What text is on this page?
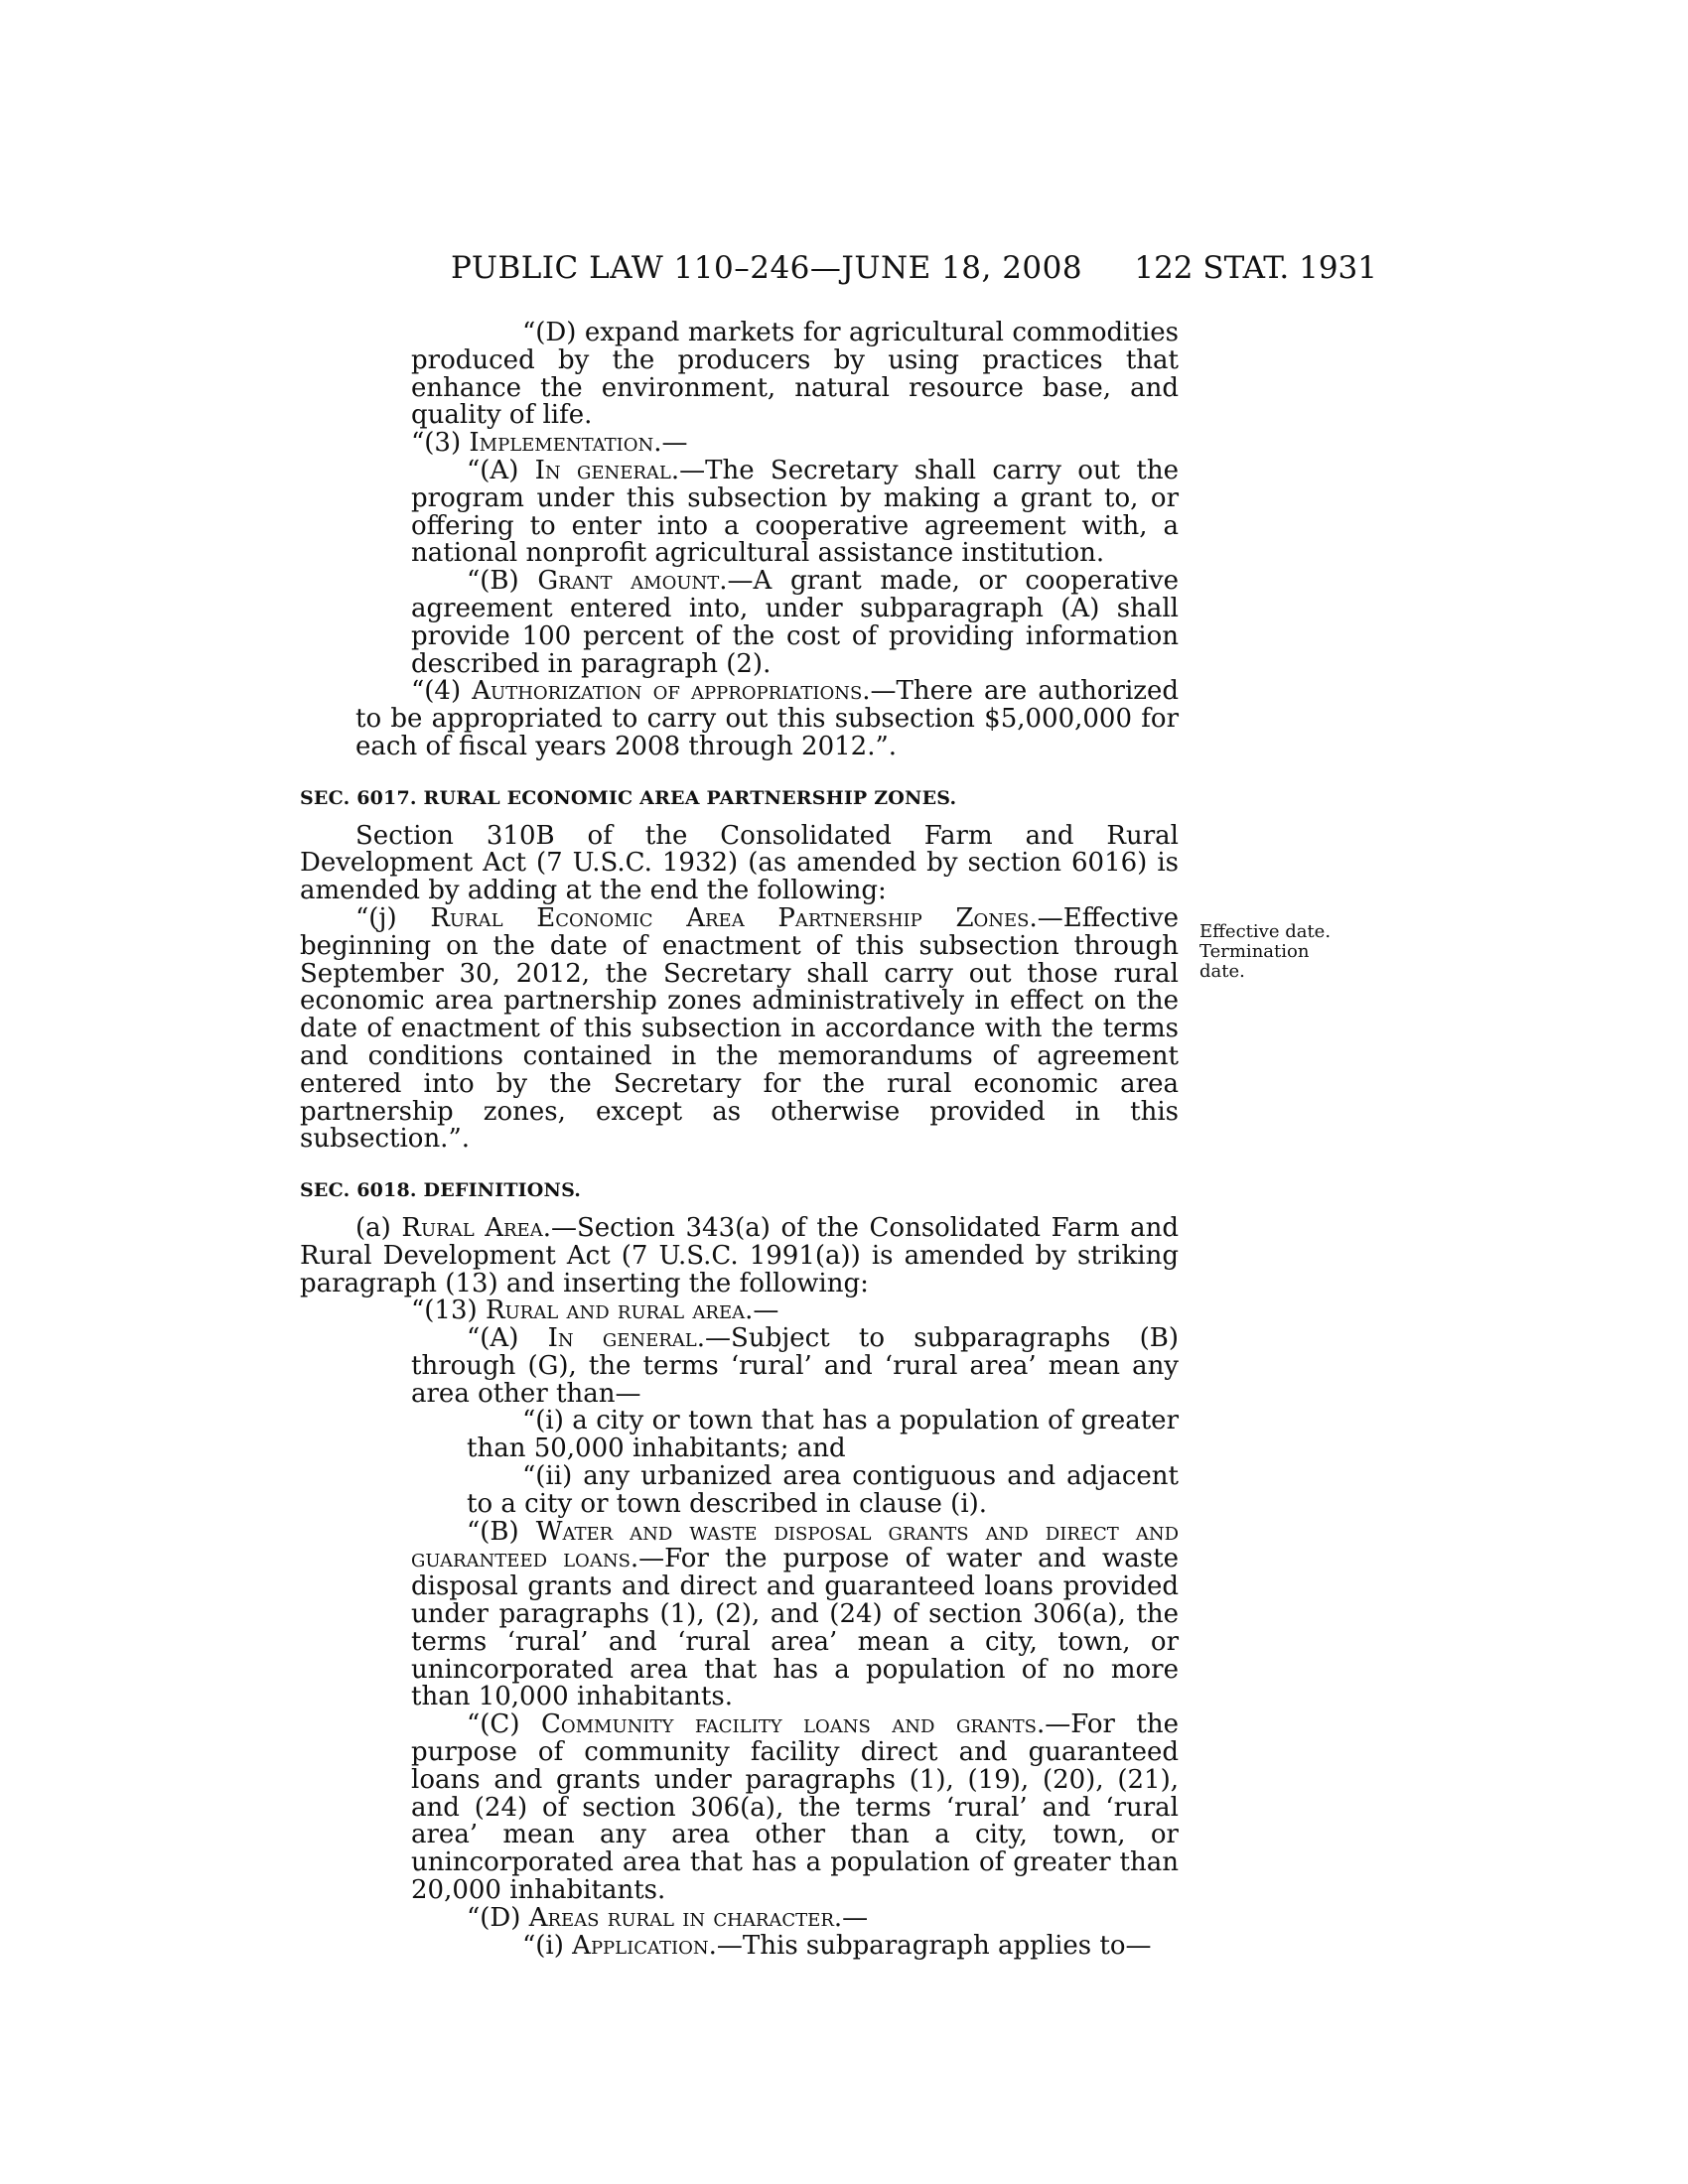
PUBLIC LAW 110–246—JUNE 18, 2008 122 STAT. 1931

“(D) expand markets for agricultural commodities produced by the producers by using practices that enhance the environment, natural resource base, and quality of life.

“(3) Implementation.—

“(A) In general.—The Secretary shall carry out the program under this subsection by making a grant to, or offering to enter into a cooperative agreement with, a national nonprofit agricultural assistance institution.

“(B) Grant amount.—A grant made, or cooperative agreement entered into, under subparagraph (A) shall provide 100 percent of the cost of providing information described in paragraph (2).

“(4) Authorization of appropriations.—There are authorized to be appropriated to carry out this subsection $5,000,000 for each of fiscal years 2008 through 2012.”.

SEC. 6017. RURAL ECONOMIC AREA PARTNERSHIP ZONES.

Section 310B of the Consolidated Farm and Rural Development Act (7 U.S.C. 1932) (as amended by section 6016) is amended by adding at the end the following:

“(j) Rural Economic Area Partnership Zones.—Effective beginning on the date of enactment of this subsection through September 30, 2012, the Secretary shall carry out those rural economic area partnership zones administratively in effect on the date of enactment of this subsection in accordance with the terms and conditions contained in the memorandums of agreement entered into by the Secretary for the rural economic area partnership zones, except as otherwise provided in this subsection.”.

SEC. 6018. DEFINITIONS.

(a) Rural Area.—Section 343(a) of the Consolidated Farm and Rural Development Act (7 U.S.C. 1991(a)) is amended by striking paragraph (13) and inserting the following:

“(13) Rural and rural area.—

“(A) In general.—Subject to subparagraphs (B) through (G), the terms ‘rural’ and ‘rural area’ mean any area other than—

“(i) a city or town that has a population of greater than 50,000 inhabitants; and

“(ii) any urbanized area contiguous and adjacent to a city or town described in clause (i).

“(B) Water and waste disposal grants and direct and guaranteed loans.—For the purpose of water and waste disposal grants and direct and guaranteed loans provided under paragraphs (1), (2), and (24) of section 306(a), the terms ‘rural’ and ‘rural area’ mean a city, town, or unincorporated area that has a population of no more than 10,000 inhabitants.

“(C) Community facility loans and grants.—For the purpose of community facility direct and guaranteed loans and grants under paragraphs (1), (19), (20), (21), and (24) of section 306(a), the terms ‘rural’ and ‘rural area’ mean any area other than a city, town, or unincorporated area that has a population of greater than 20,000 inhabitants.

“(D) Areas rural in character.—

“(i) Application.—This subparagraph applies to—

Effective date.
Termination date.
